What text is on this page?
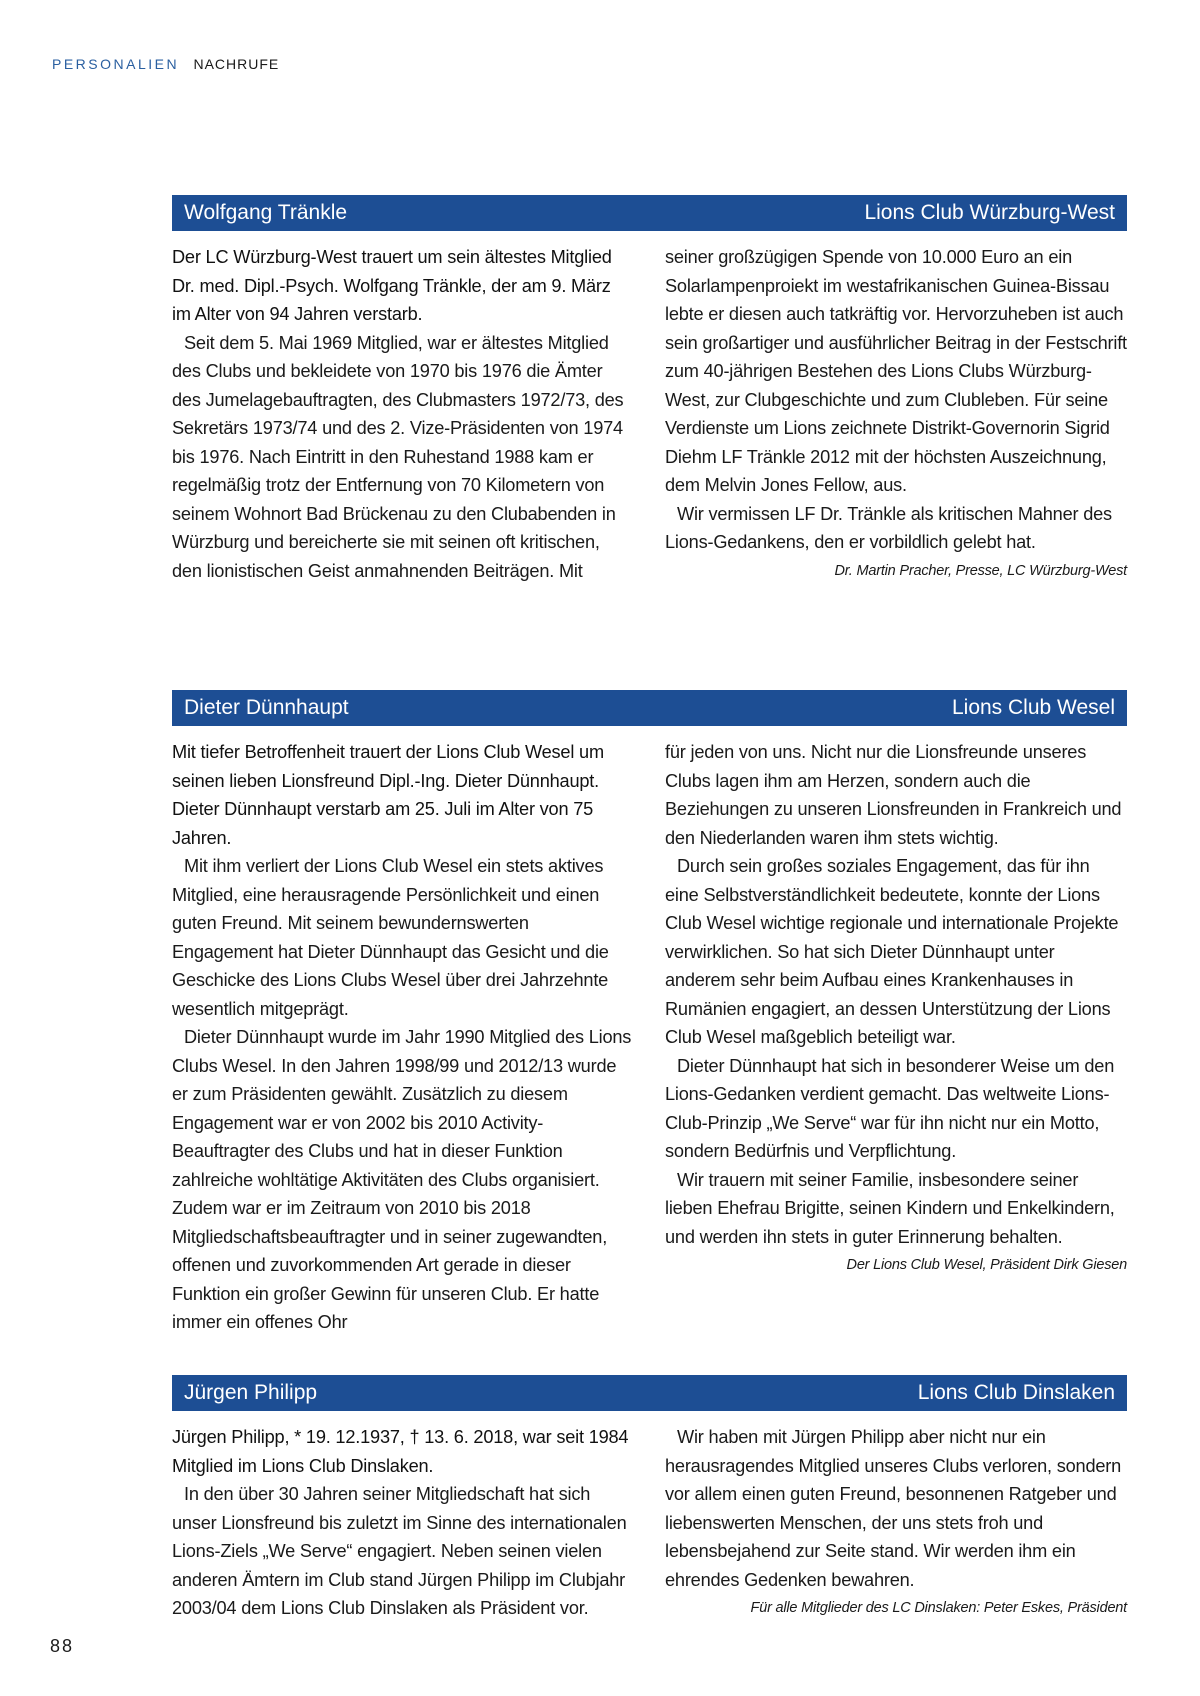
PERSONALIEN NACHRUFE
Wolfgang Tränkle	Lions Club Würzburg-West

Der LC Würzburg-West trauert um sein ältestes Mitglied Dr. med. Dipl.-Psych. Wolfgang Tränkle, der am 9. März im Alter von 94 Jahren verstarb.

Seit dem 5. Mai 1969 Mitglied, war er ältestes Mitglied des Clubs und bekleidete von 1970 bis 1976 die Ämter des Jumelagebauftragten, des Clubmasters 1972/73, des Sekretärs 1973/74 und des 2. Vize-Präsidenten von 1974 bis 1976. Nach Eintritt in den Ruhestand 1988 kam er regelmäßig trotz der Entfernung von 70 Kilometern von seinem Wohnort Bad Brückenau zu den Clubabenden in Würzburg und bereicherte sie mit seinen oft kritischen, den lionistischen Geist anmahnenden Beiträgen. Mit

seiner großzügigen Spende von 10.000 Euro an ein Solarlampenproiekt im westafrikanischen Guinea-Bissau lebte er diesen auch tatkräftig vor. Hervorzuheben ist auch sein großartiger und ausführlicher Beitrag in der Festschrift zum 40-jährigen Bestehen des Lions Clubs Würzburg-West, zur Clubgeschichte und zum Clubleben. Für seine Verdienste um Lions zeichnete Distrikt-Governorin Sigrid Diehm LF Tränkle 2012 mit der höchsten Auszeichnung, dem Melvin Jones Fellow, aus.

Wir vermissen LF Dr. Tränkle als kritischen Mahner des Lions-Gedankens, den er vorbildlich gelebt hat.

Dr. Martin Pracher, Presse, LC Würzburg-West
Dieter Dünnhaupt	Lions Club Wesel

Mit tiefer Betroffenheit trauert der Lions Club Wesel um seinen lieben Lionsfreund Dipl.-Ing. Dieter Dünnhaupt. Dieter Dünnhaupt verstarb am 25. Juli im Alter von 75 Jahren.

Mit ihm verliert der Lions Club Wesel ein stets aktives Mitglied, eine herausragende Persönlichkeit und einen guten Freund. Mit seinem bewundernswerten Engagement hat Dieter Dünnhaupt das Gesicht und die Geschicke des Lions Clubs Wesel über drei Jahrzehnte wesentlich mitgeprägt.

Dieter Dünnhaupt wurde im Jahr 1990 Mitglied des Lions Clubs Wesel. In den Jahren 1998/99 und 2012/13 wurde er zum Präsidenten gewählt. Zusätzlich zu diesem Engagement war er von 2002 bis 2010 Activity-Beauftragter des Clubs und hat in dieser Funktion zahlreiche wohltätige Aktivitäten des Clubs organisiert. Zudem war er im Zeitraum von 2010 bis 2018 Mitgliedschaftsbeauftragter und in seiner zugewandten, offenen und zuvorkommenden Art gerade in dieser Funktion ein großer Gewinn für unseren Club. Er hatte immer ein offenes Ohr

für jeden von uns. Nicht nur die Lionsfreunde unseres Clubs lagen ihm am Herzen, sondern auch die Beziehungen zu unseren Lionsfreunden in Frankreich und den Niederlanden waren ihm stets wichtig.

Durch sein großes soziales Engagement, das für ihn eine Selbstverständlichkeit bedeutete, konnte der Lions Club Wesel wichtige regionale und internationale Projekte verwirklichen. So hat sich Dieter Dünnhaupt unter anderem sehr beim Aufbau eines Krankenhauses in Rumänien engagiert, an dessen Unterstützung der Lions Club Wesel maßgeblich beteiligt war.

Dieter Dünnhaupt hat sich in besonderer Weise um den Lions-Gedanken verdient gemacht. Das weltweite Lions-Club-Prinzip „We Serve“ war für ihn nicht nur ein Motto, sondern Bedürfnis und Verpflichtung.

Wir trauern mit seiner Familie, insbesondere seiner lieben Ehefrau Brigitte, seinen Kindern und Enkelkindern, und werden ihn stets in guter Erinnerung behalten.

Der Lions Club Wesel, Präsident Dirk Giesen
Jürgen Philipp	Lions Club Dinslaken

Jürgen Philipp, * 19. 12.1937, † 13. 6. 2018, war seit 1984 Mitglied im Lions Club Dinslaken.

In den über 30 Jahren seiner Mitgliedschaft hat sich unser Lionsfreund bis zuletzt im Sinne des internationalen Lions-Ziels „We Serve“ engagiert. Neben seinen vielen anderen Ämtern im Club stand Jürgen Philipp im Clubjahr 2003/04 dem Lions Club Dinslaken als Präsident vor.

Wir haben mit Jürgen Philipp aber nicht nur ein herausragendes Mitglied unseres Clubs verloren, sondern vor allem einen guten Freund, besonnenen Ratgeber und liebenswerten Menschen, der uns stets froh und lebensbejahend zur Seite stand. Wir werden ihm ein ehrendes Gedenken bewahren.

Für alle Mitglieder des LC Dinslaken: Peter Eskes, Präsident
88
